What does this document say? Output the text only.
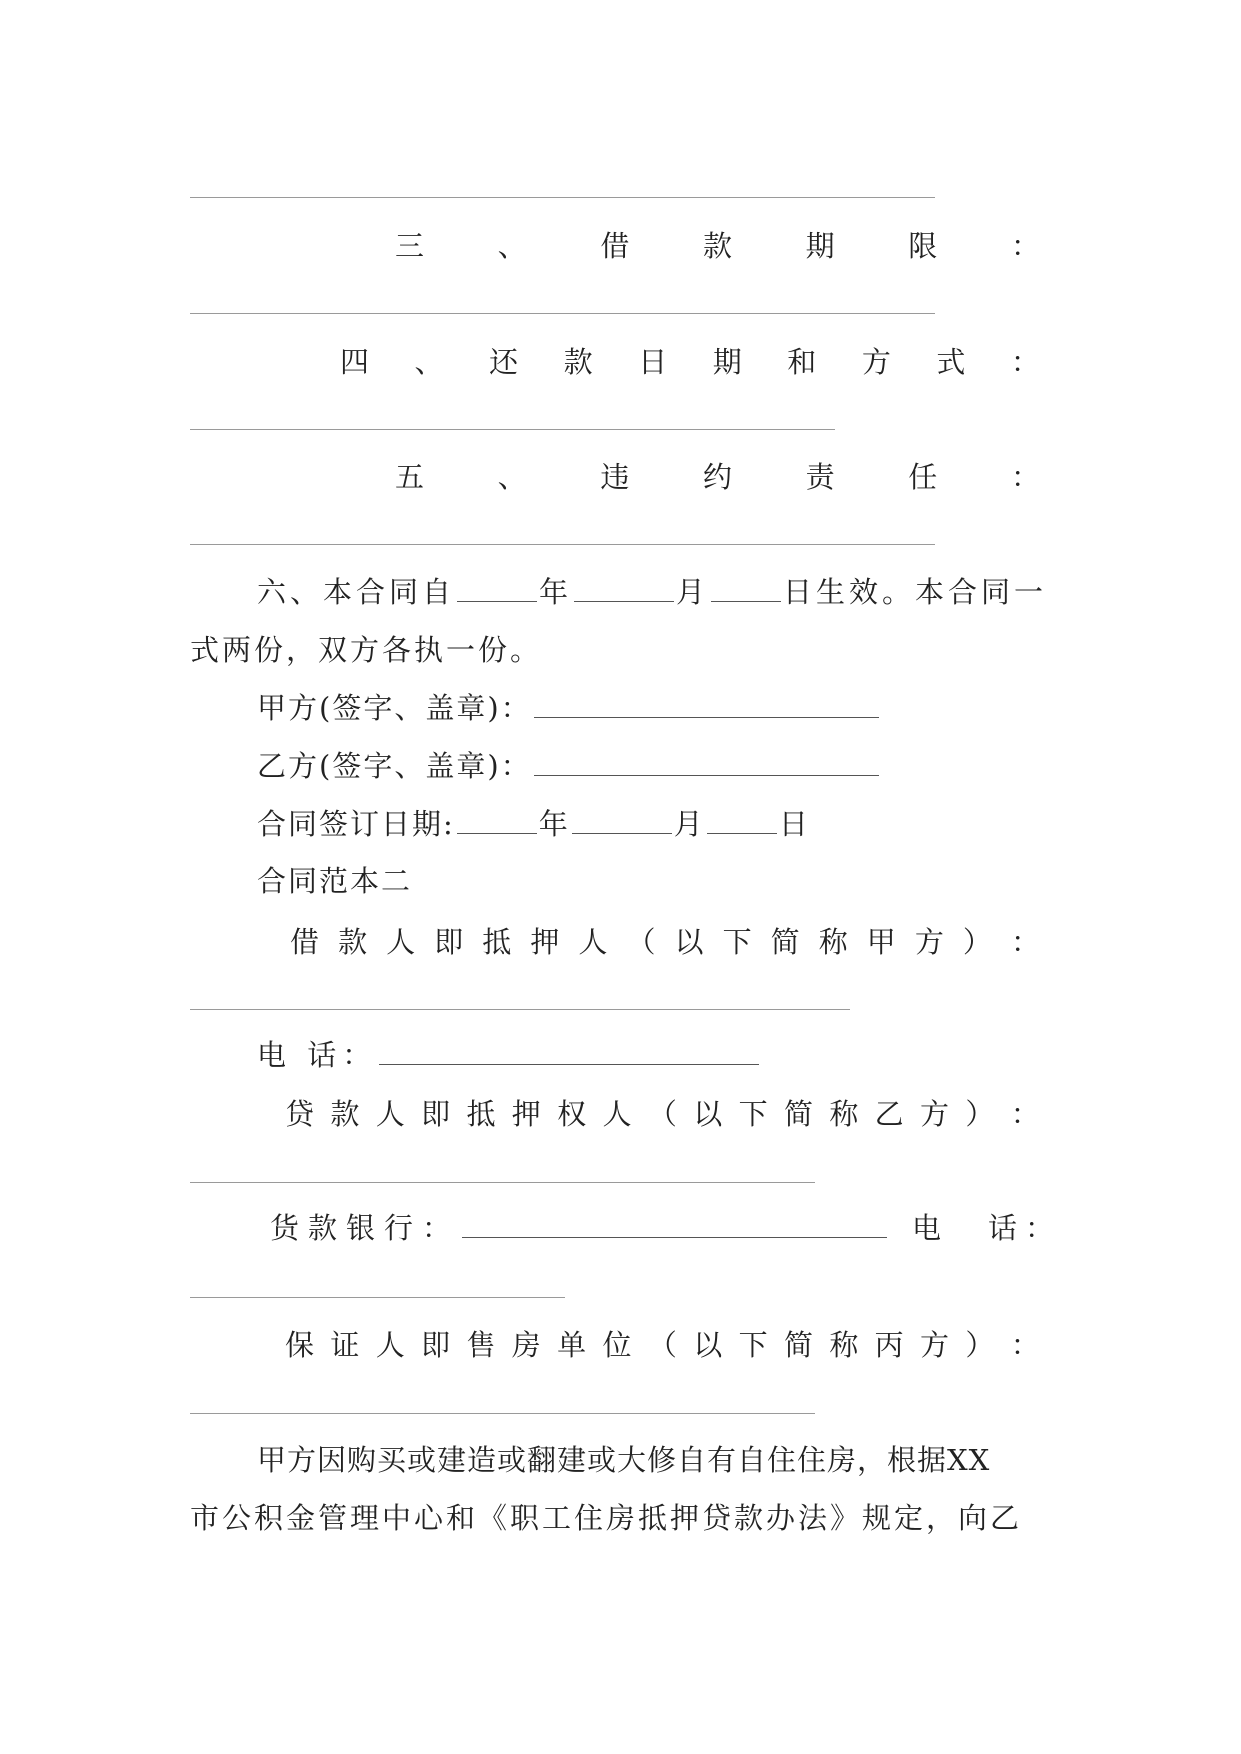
三	、	借	款	期	限	：
四 、 还 款 日 期 和 方 式 ：
五	、	违	约	责	任	：
六、本合同自	年	月	日生效。本合同一
式两份，双方各执一份。
甲方(签字、盖章)：
乙方(签字、盖章)：
合同签订日期:	年	月	日
合同范本二
借 款 人 即 抵 押 人 （ 以 下 简 称 甲 方 ） ：
电 话：
贷 款 人 即 抵 押 权 人 （ 以 下 简 称 乙 方 ） ：
货款银行：	电 话：
保 证 人 即 售 房 单 位 （ 以 下 简 称 丙 方 ） ：
甲方因购买或建造或翻建或大修自有自住住房，根据XX
市公积金管理中心和《职工住房抵押贷款办法》规定，向乙
